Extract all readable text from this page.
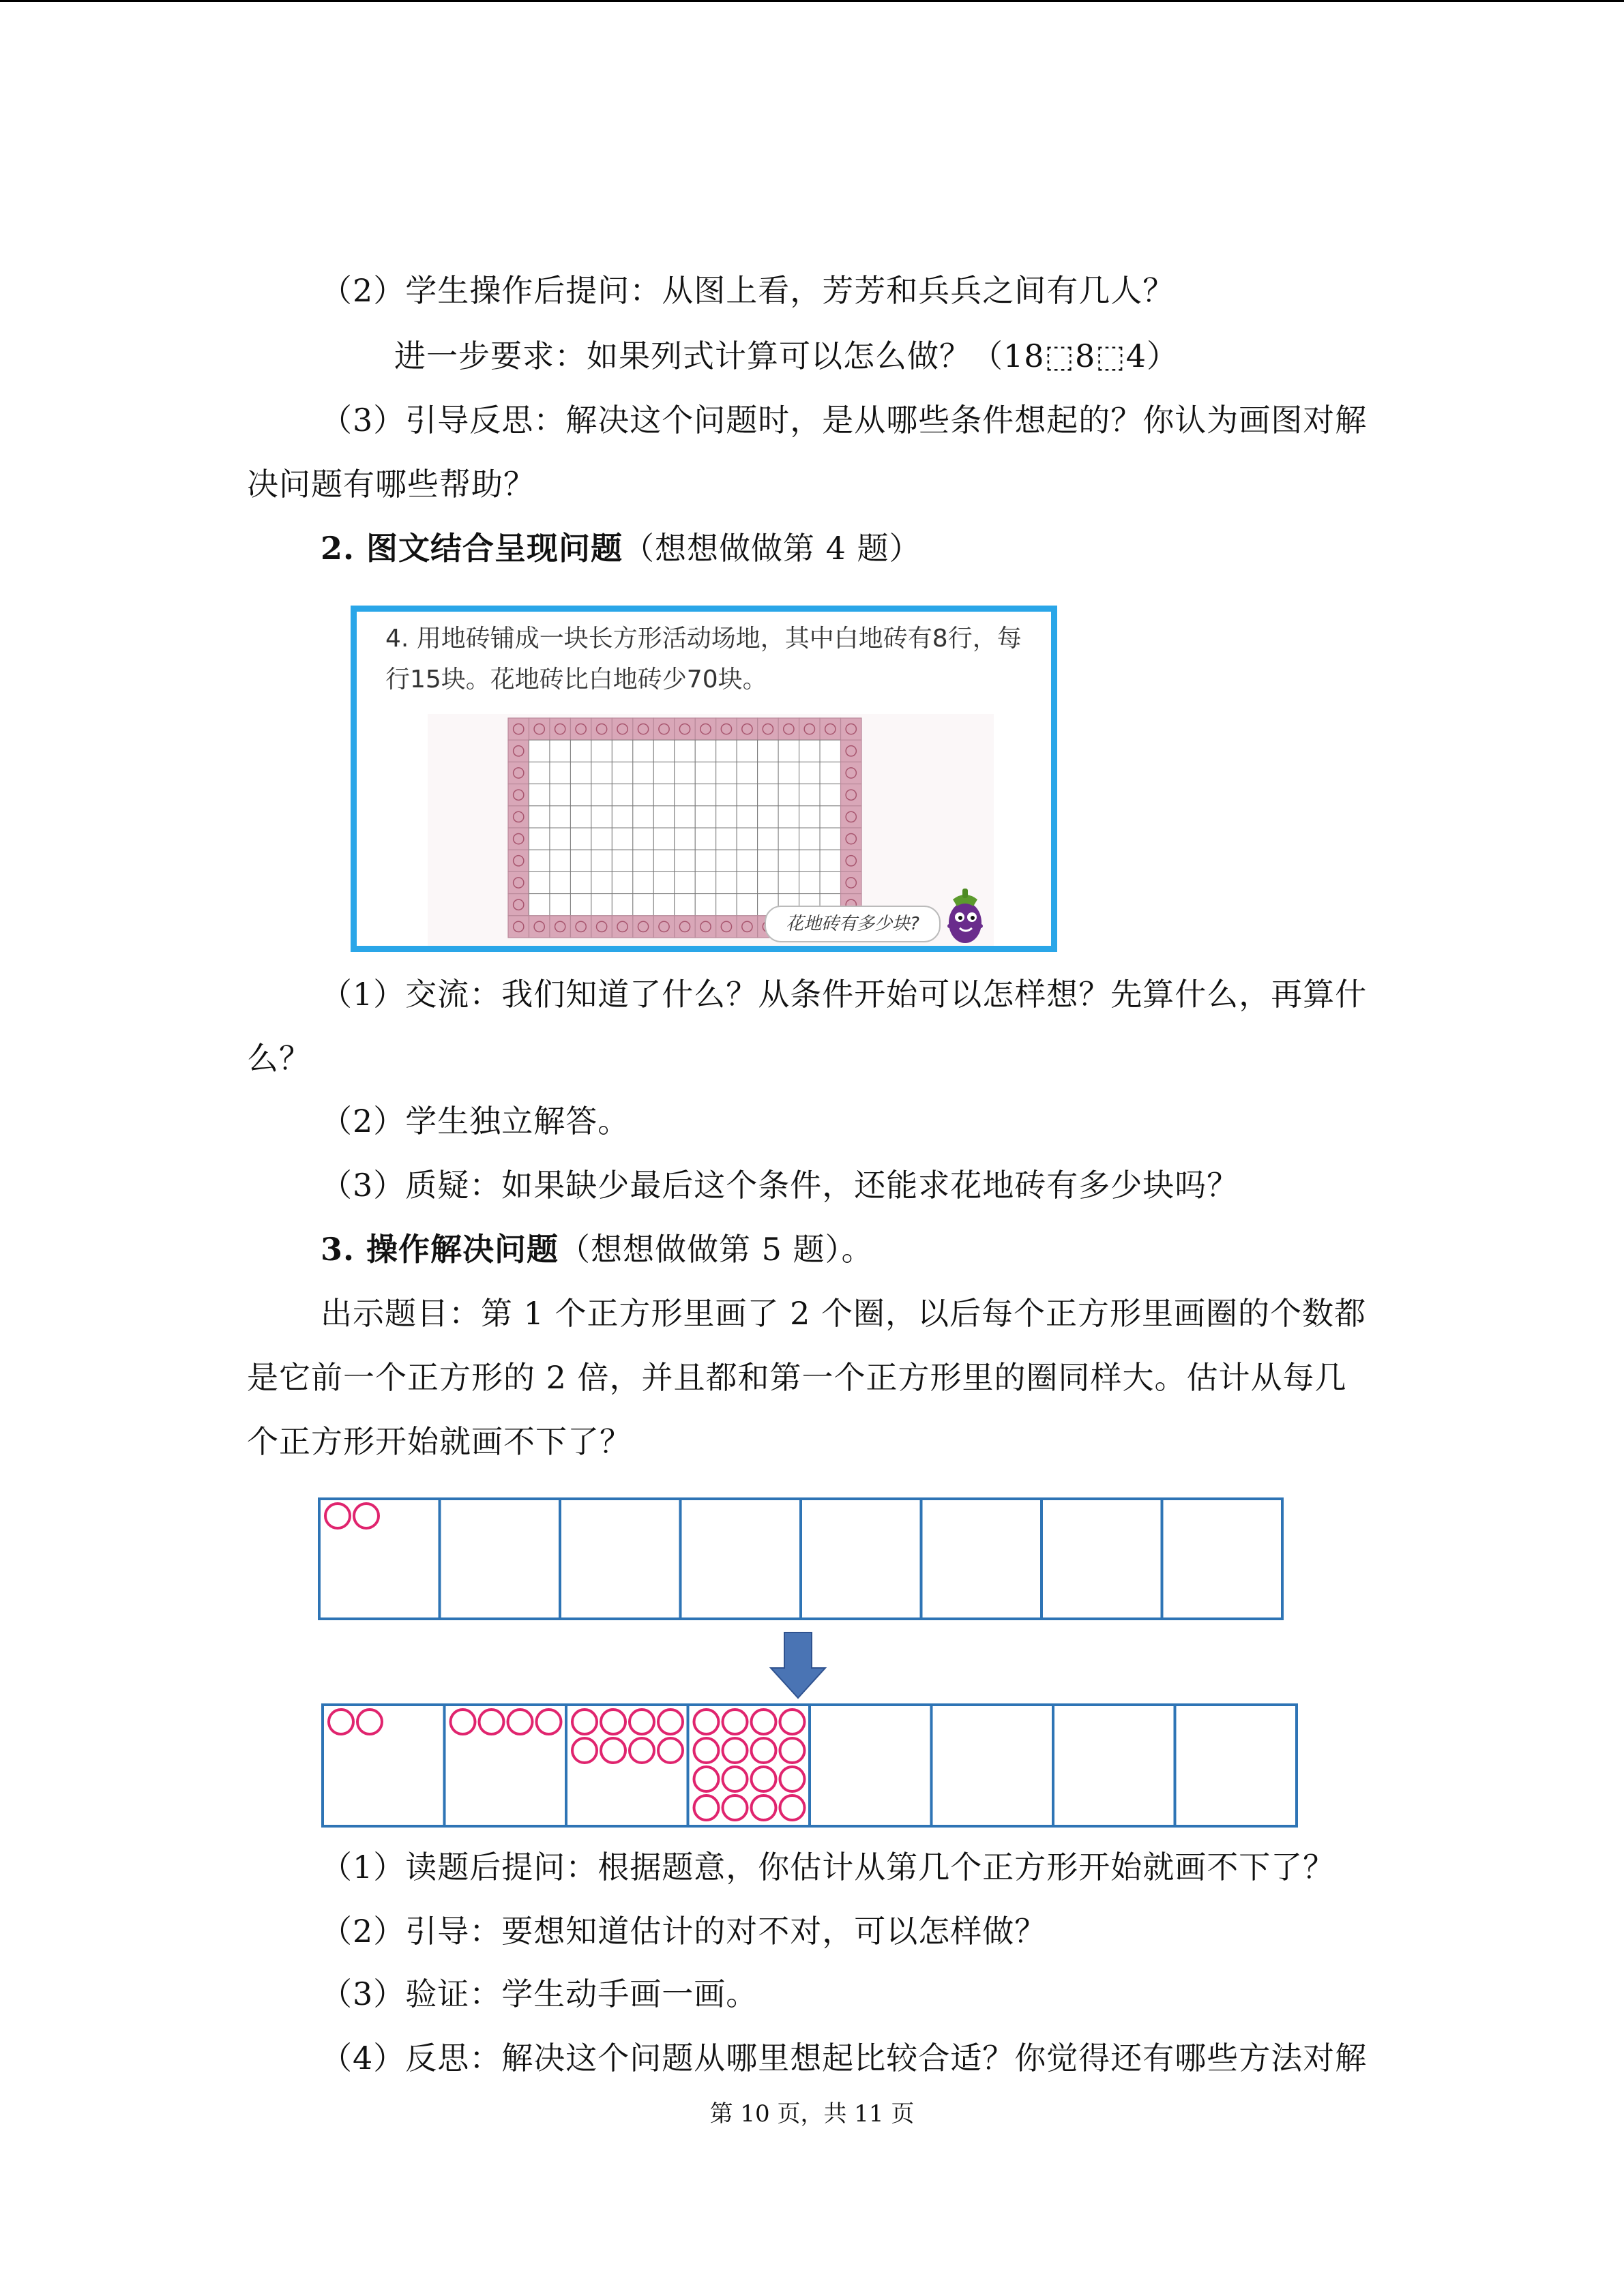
（2）学生操作后提问：从图上看，芳芳和兵兵之间有几人？
进一步要求：如果列式计算可以怎么做？（18⬚8⬚4）
（3）引导反思：解决这个问题时，是从哪些条件想起的？你认为画图对解
决问题有哪些帮助？
2. 图文结合呈现问题（想想做做第 4 题）
4. 用地砖铺成一块长方形活动场地，其中白地砖有8行，每
行15块。花地砖比白地砖少70块。
花地砖有多少块?
（1）交流：我们知道了什么？从条件开始可以怎样想？先算什么，再算什
么？
（2）学生独立解答。
（3）质疑：如果缺少最后这个条件，还能求花地砖有多少块吗？
3. 操作解决问题（想想做做第 5 题）。
出示题目：第 1 个正方形里画了 2 个圈，以后每个正方形里画圈的个数都
是它前一个正方形的 2 倍，并且都和第一个正方形里的圈同样大。估计从每几
个正方形开始就画不下了？
（1）读题后提问：根据题意，你估计从第几个正方形开始就画不下了？
（2）引导：要想知道估计的对不对，可以怎样做？
（3）验证：学生动手画一画。
（4）反思：解决这个问题从哪里想起比较合适？你觉得还有哪些方法对解
第 10 页，共 11 页
